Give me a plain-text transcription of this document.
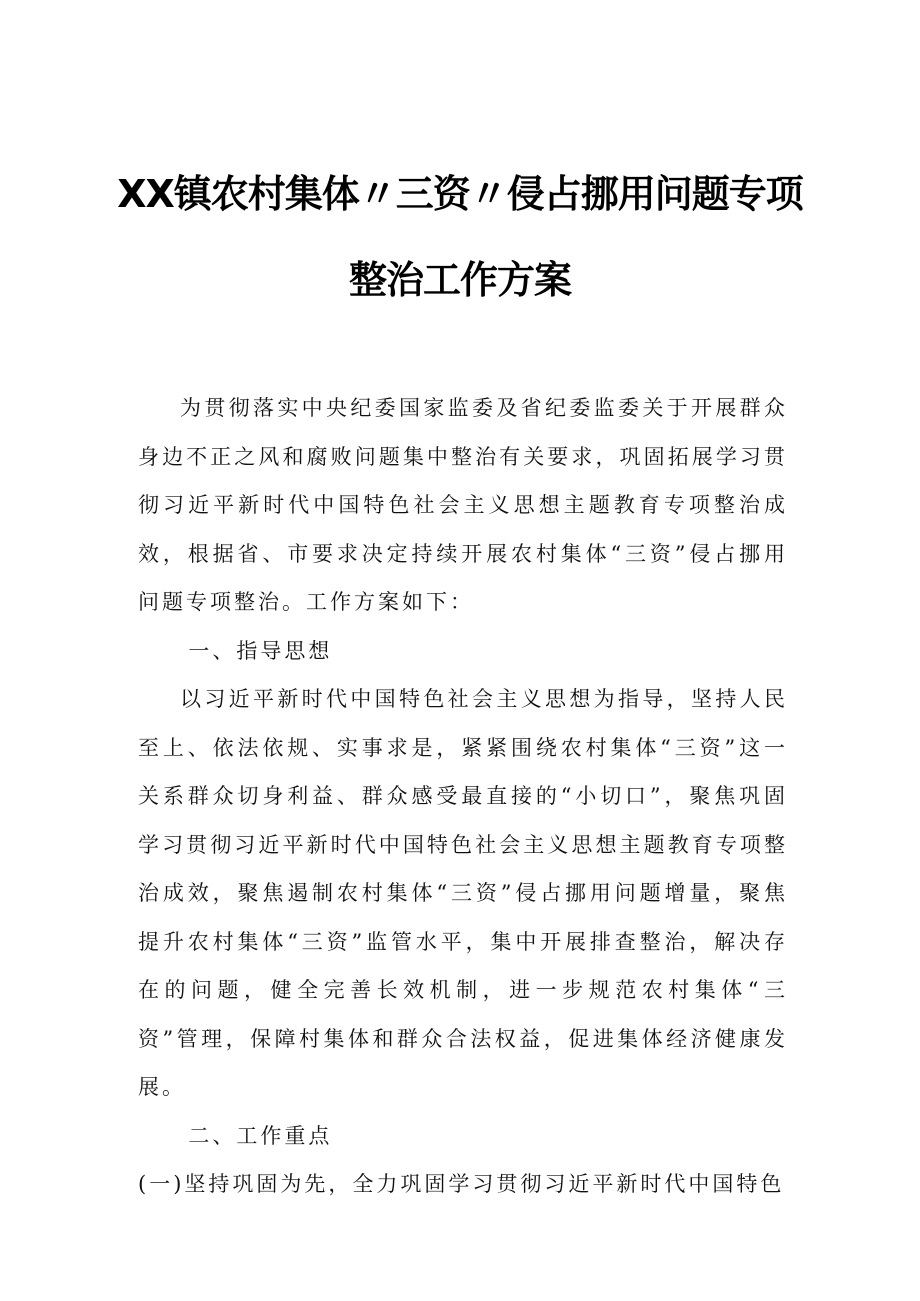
XX镇农村集体〃三资〃侵占挪用问题专项
整治工作方案

为贯彻落实中央纪委国家监委及省纪委监委关于开展群众身边不正之风和腐败问题集中整治有关要求，巩固拓展学习贯彻习近平新时代中国特色社会主义思想主题教育专项整治成效，根据省、市要求决定持续开展农村集体“三资”侵占挪用问题专项整治。工作方案如下：

一、指导思想

以习近平新时代中国特色社会主义思想为指导，坚持人民至上、依法依规、实事求是，紧紧围绕农村集体“三资”这一关系群众切身利益、群众感受最直接的“小切口”，聚焦巩固学习贯彻习近平新时代中国特色社会主义思想主题教育专项整治成效，聚焦遏制农村集体“三资”侵占挪用问题增量，聚焦提升农村集体“三资”监管水平，集中开展排查整治，解决存在的问题，健全完善长效机制，进一步规范农村集体“三资”管理，保障村集体和群众合法权益，促进集体经济健康发展。

二、工作重点

(一)坚持巩固为先，全力巩固学习贯彻习近平新时代中国特色
